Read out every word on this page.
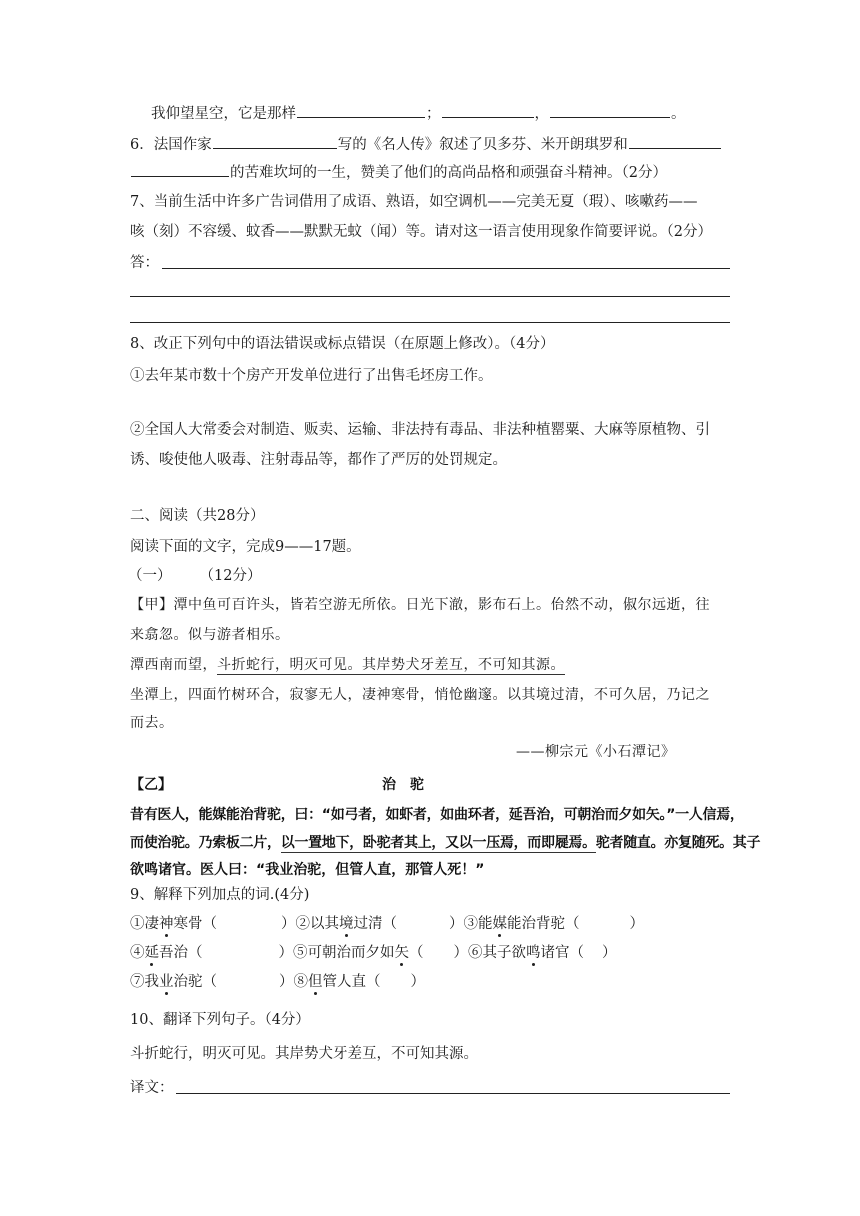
我仰望星空，它是那样	；	，	。
6．法国作家	写的《名人传》叙述了贝多芬、米开朗琪罗和
的苦难坎坷的一生，赞美了他们的高尚品格和顽强奋斗精神。（2分）
7、当前生活中许多广告词借用了成语、熟语，如空调机——完美无夏（瑕）、咳嗽药——
咳（刻）不容缓、蚊香——默默无蚊（闻）等。请对这一语言使用现象作简要评说。（2分）
答：
8、改正下列句中的语法错误或标点错误（在原题上修改）。（4分）
①去年某市数十个房产开发单位进行了出售毛坯房工作。
②全国人大常委会对制造、贩卖、运输、非法持有毒品、非法种植罂粟、大麻等原植物、引
诱、唆使他人吸毒、注射毒品等，都作了严厉的处罚规定。
二、阅读（共28分）
阅读下面的文字，完成9——17题。
（一） （12分）
【甲】潭中鱼可百许头，皆若空游无所依。日光下澈，影布石上。佁然不动，俶尔远逝，往
来翕忽。似与游者相乐。
潭西南而望，斗折蛇行，明灭可见。其岸势犬牙差互，不可知其源。
坐潭上，四面竹树环合，寂寥无人，凄神寒骨，悄怆幽邃。以其境过清，不可久居，乃记之
而去。
——柳宗元《小石潭记》
【乙】	治　驼
昔有医人，能媒能治背驼，曰：“如弓者，如虾者，如曲环者，延吾治，可朝治而夕如矢。”一人信焉，
而使治驼。乃索板二片，以一置地下，卧驼者其上，又以一压焉，而即屣焉。驼者随直。亦复随死。其子
欲鸣诸官。医人曰：“我业治驼，但管人直，那管人死！”
9、解释下列加点的词.(4分)
①凄神寒骨（	）②以其境过清（	）③能媒能治背驼（	）
④延吾治（	）⑤可朝治而夕如矢（ ）⑥其子欲鸣诸官（ ）
⑦我业治驼（	）⑧但管人直（ ）
10、翻译下列句子。（4分）
斗折蛇行，明灭可见。其岸势犬牙差互，不可知其源。
译文：
